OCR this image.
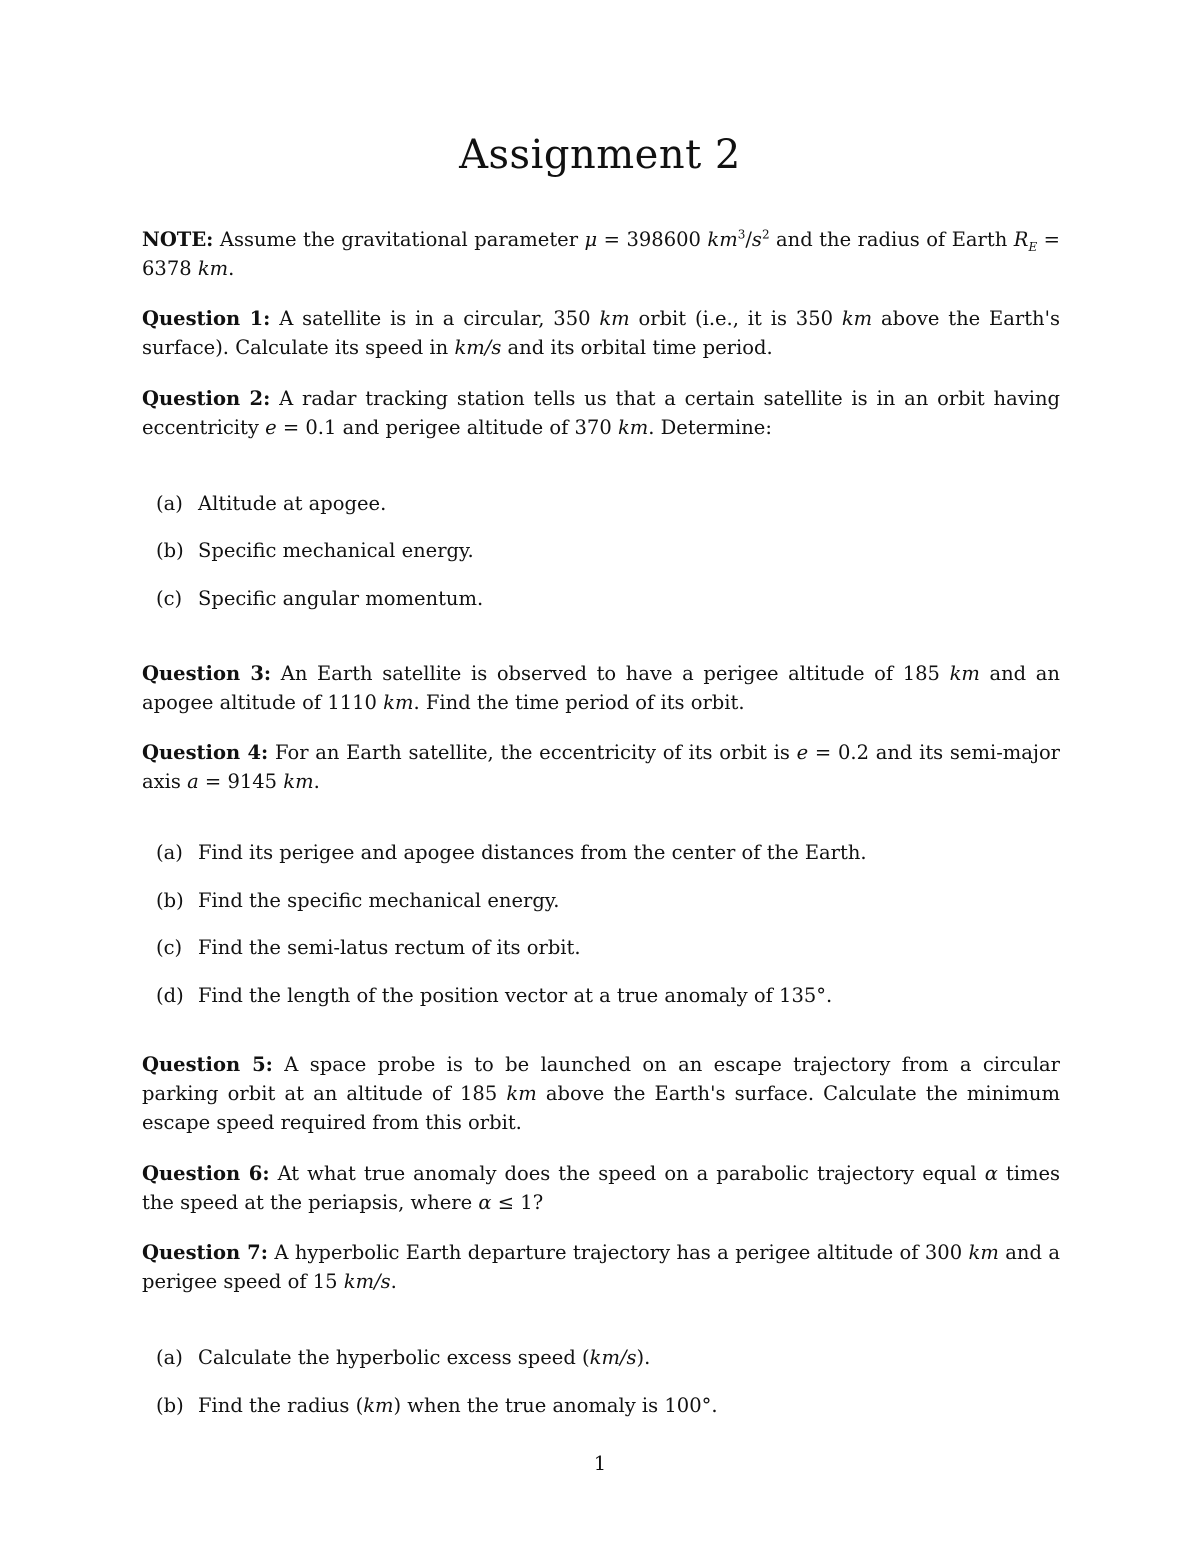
Assignment 2

NOTE: Assume the gravitational parameter μ = 398600 $km^3/s^2$ and the radius of Earth $R_E = 6378$ km.

Question 1: A satellite is in a circular, 350 km orbit (i.e., it is 350 km above the Earth's surface). Calculate its speed in km/s and its orbital time period.

Question 2: A radar tracking station tells us that a certain satellite is in an orbit having eccentricity e = 0.1 and perigee altitude of 370 km. Determine:

(a) Altitude at apogee.

(b) Specific mechanical energy.

(c) Specific angular momentum.

Question 3: An Earth satellite is observed to have a perigee altitude of 185 km and an apogee altitude of 1110 km. Find the time period of its orbit.

Question 4: For an Earth satellite, the eccentricity of its orbit is e = 0.2 and its semi-major axis a = 9145 km.

(a) Find its perigee and apogee distances from the center of the Earth.

(b) Find the specific mechanical energy.

(c) Find the semi-latus rectum of its orbit.

(d) Find the length of the position vector at a true anomaly of 135°.

Question 5: A space probe is to be launched on an escape trajectory from a circular parking orbit at an altitude of 185 km above the Earth's surface. Calculate the minimum escape speed required from this orbit.

Question 6: At what true anomaly does the speed on a parabolic trajectory equal α times the speed at the periapsis, where α ≤ 1?

Question 7: A hyperbolic Earth departure trajectory has a perigee altitude of 300 km and a perigee speed of 15 km/s.

(a) Calculate the hyperbolic excess speed (km/s).

(b) Find the radius (km) when the true anomaly is 100°.

1
